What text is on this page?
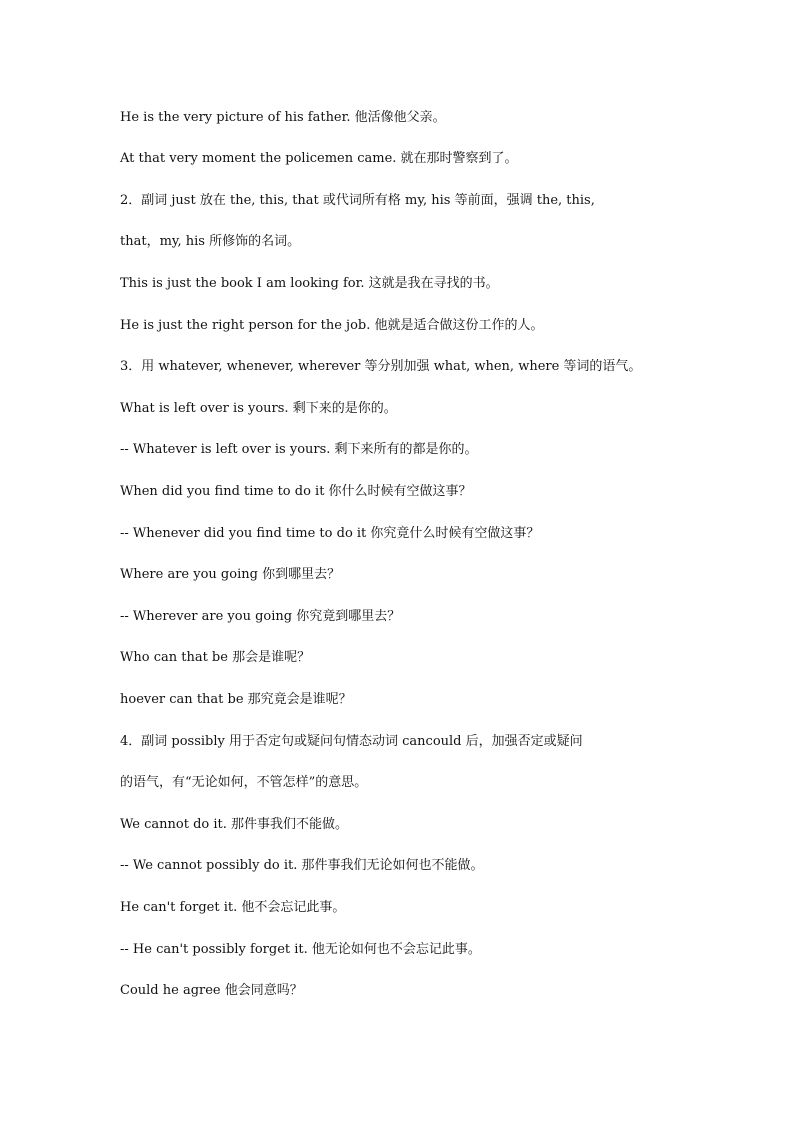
He is the very picture of his father. 他活像他父亲。
At that very moment the policemen came. 就在那时警察到了。
2．副词 just 放在 the, this, that 或代词所有格 my, his 等前面，强调 the, this,
that，my, his 所修饰的名词。
This is just the book I am looking for. 这就是我在寻找的书。
He is just the right person for the job. 他就是适合做这份工作的人。
3．用 whatever, whenever, wherever 等分别加强 what, when, where 等词的语气。
What is left over is yours. 剩下来的是你的。
-- Whatever is left over is yours. 剩下来所有的都是你的。
When did you find time to do it 你什么时候有空做这事？
-- Whenever did you find time to do it 你究竟什么时候有空做这事？
Where are you going 你到哪里去？
-- Wherever are you going 你究竟到哪里去？
Who can that be 那会是谁呢？
hoever can that be 那究竟会是谁呢？
4．副词 possibly 用于否定句或疑问句情态动词 cancould 后，加强否定或疑问
的语气，有“无论如何，不管怎样”的意思。
We cannot do it. 那件事我们不能做。
-- We cannot possibly do it. 那件事我们无论如何也不能做。
He can't forget it. 他不会忘记此事。
-- He can't possibly forget it. 他无论如何也不会忘记此事。
Could he agree 他会同意吗？
